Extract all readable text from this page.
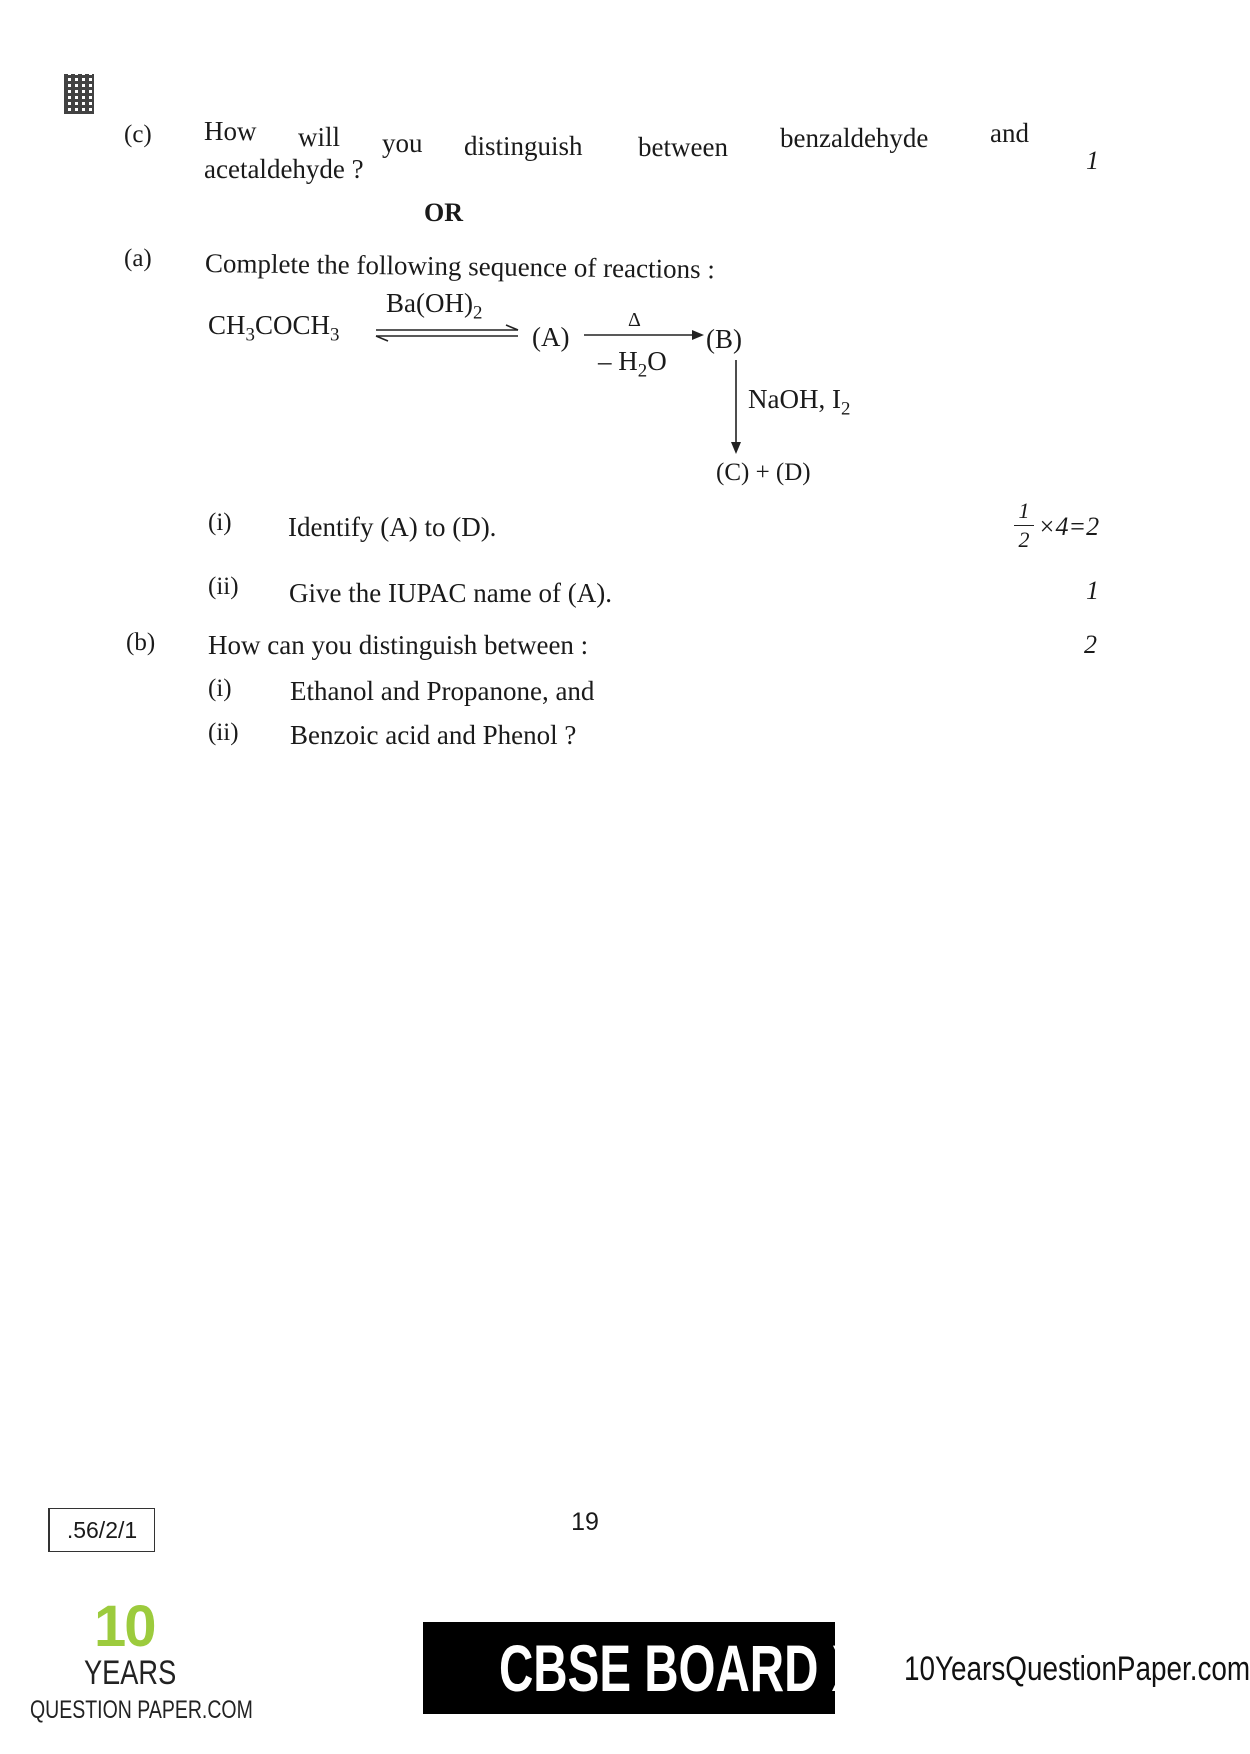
(c) How will you distinguish between benzaldehyde and
acetaldehyde ?	1
OR
(a) Complete the following sequence of reactions :
$CH_3COCH_3$
$Ba(OH)_2$
(A)
Δ
– $H_2O$
(B)
NaOH, $I_2$
(C) + (D)
(i) Identify (A) to (D).
1
2 ×4=2
(ii) Give the IUPAC name of (A).	1
(b) How can you distinguish between :	2
(i) Ethanol and Propanone, and
(ii) Benzoic acid and Phenol ?
.56/2/1	19
10
YEARS
QUESTION PAPER.COM
CBSE BOARD XII 10YearsQuestionPaper.com
